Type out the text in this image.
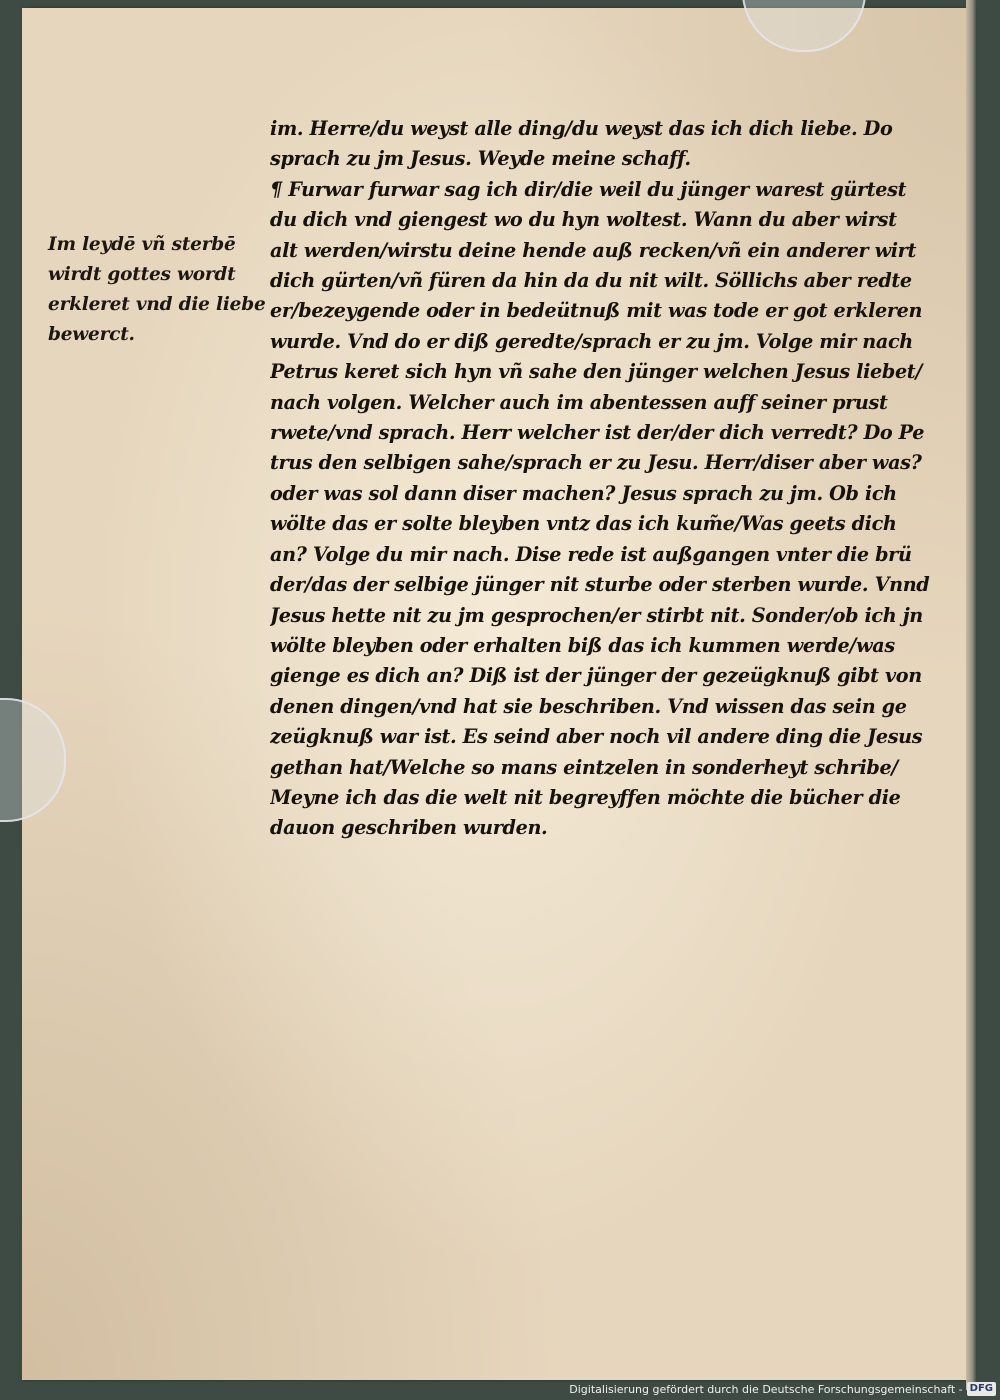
Im leydē vñ sterbē
wirdt gottes wordt
erkleret vnd die liebe
bewerct.
im. Herre/du weyst alle ding/du weyst das ich dich liebe. Do
sprach zu jm Jesus. Weyde meine schaff.
¶ Furwar furwar sag ich dir/die weil du jünger warest gürtest
du dich vnd giengest wo du hyn woltest. Wann du aber wirst
alt werden/wirstu deine hende auß recken/vñ ein anderer wirt
dich gürten/vñ füren da hin da du nit wilt. Söllichs aber redte
er/bezeygende oder in bedeütnuß mit was tode er got erkleren
wurde. Vnd do er diß geredte/sprach er zu jm. Volge mir nach
Petrus keret sich hyn vñ sahe den jünger welchen Jesus liebet/
nach volgen. Welcher auch im abentessen auff seiner prust
rwete/vnd sprach. Herr welcher ist der/der dich verredt? Do Pe
trus den selbigen sahe/sprach er zu Jesu. Herr/diser aber was?
oder was sol dann diser machen? Jesus sprach zu jm. Ob ich
wölte das er solte bleyben vntz das ich kum̃e/Was geets dich
an? Volge du mir nach. Dise rede ist außgangen vnter die brü
der/das der selbige jünger nit sturbe oder sterben wurde. Vnnd
Jesus hette nit zu jm gesprochen/er stirbt nit. Sonder/ob ich jn
wölte bleyben oder erhalten biß das ich kummen werde/was
gienge es dich an? Diß ist der jünger der gezeügknuß gibt von
denen dingen/vnd hat sie beschriben. Vnd wissen das sein ge
zeügknuß war ist. Es seind aber noch vil andere ding die Jesus
gethan hat/Welche so mans eintzelen in sonderheyt schribe/
Meyne ich das die welt nit begreyffen möchte die bücher die
dauon geschriben wurden.
Digitalisierung gefördert durch die Deutsche Forschungsgemeinschaft - DFG
